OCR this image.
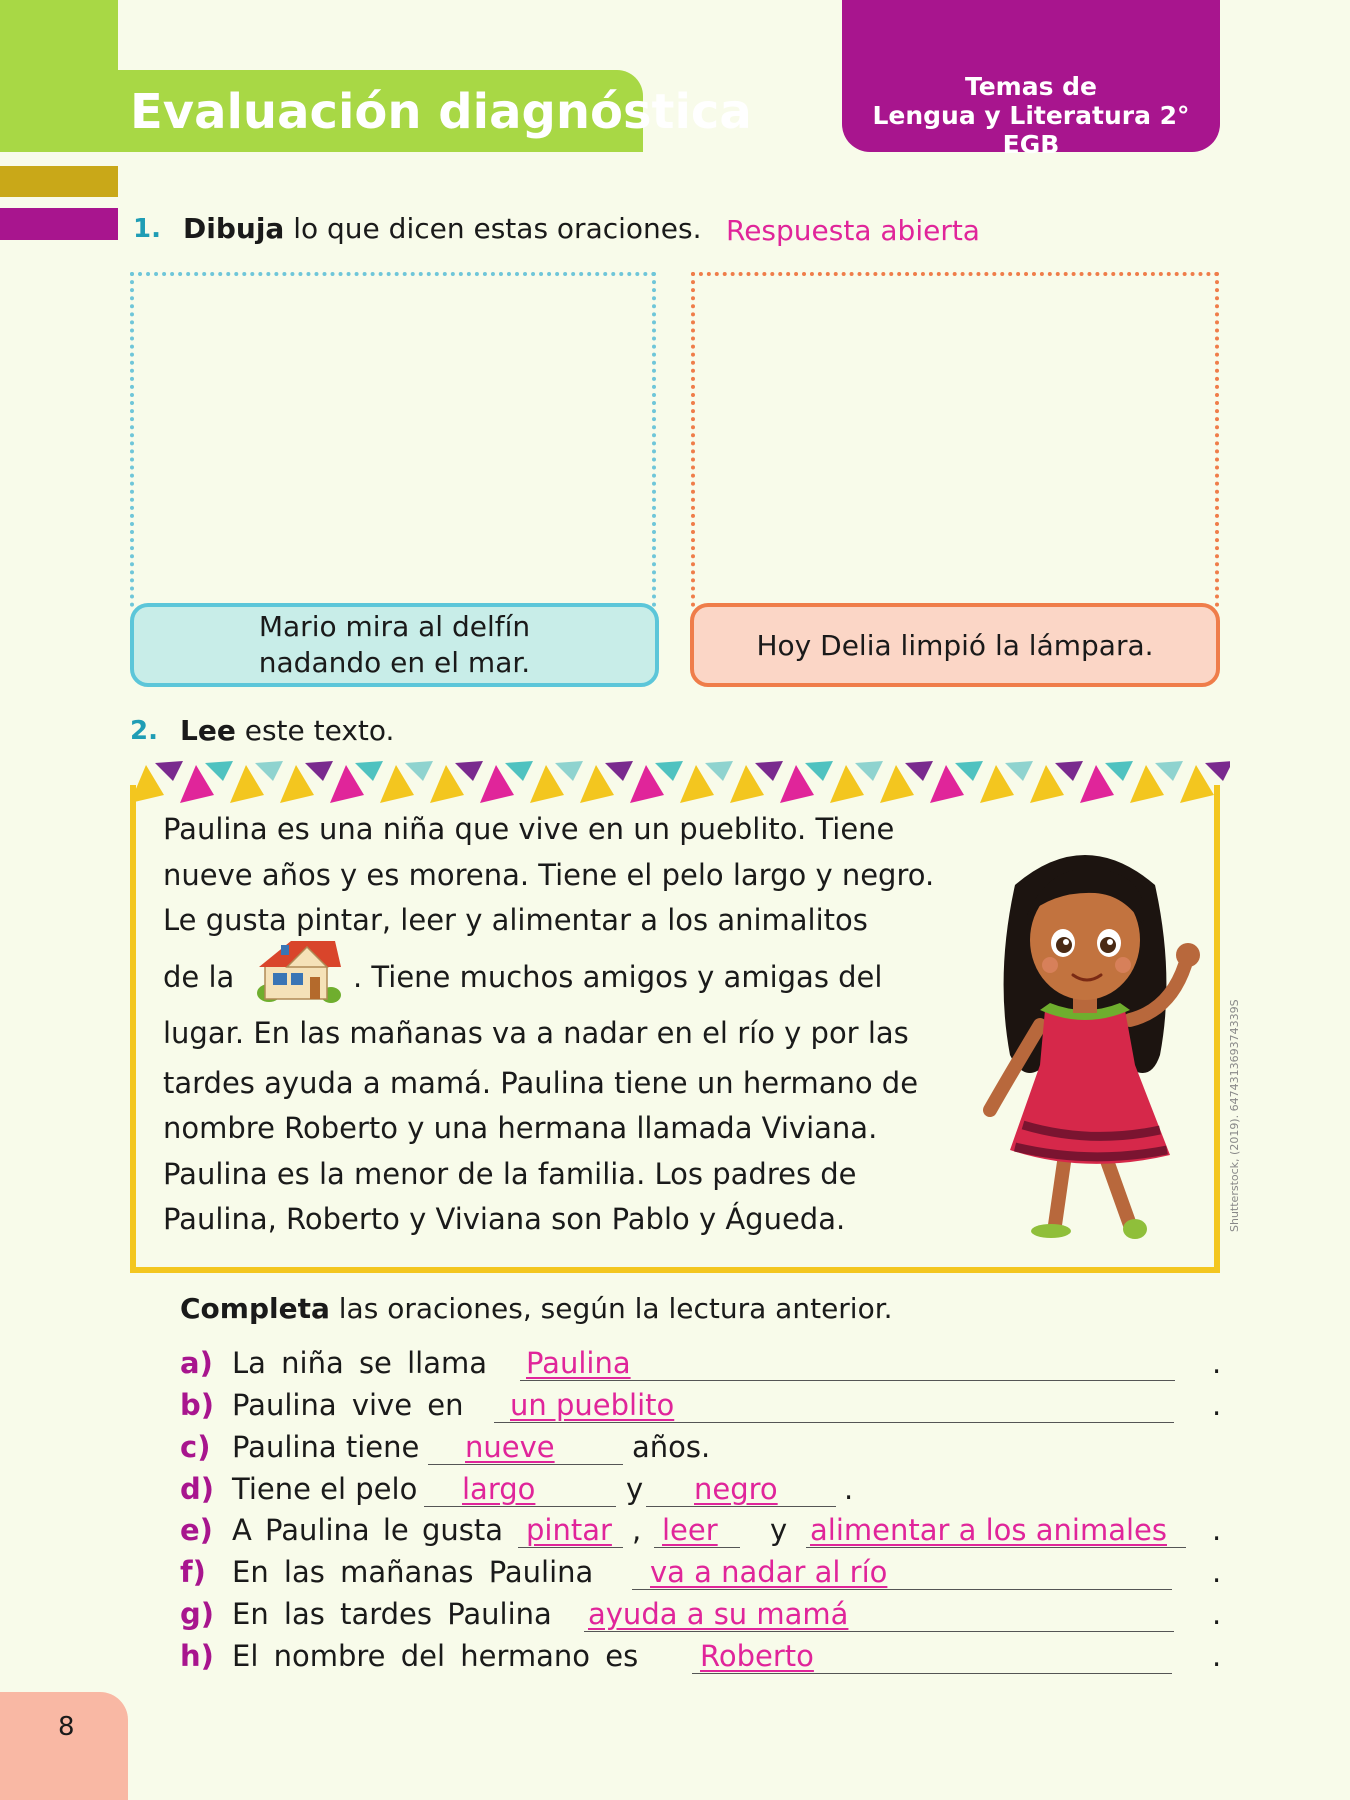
Evaluación diagnóstica	Temas de
Lengua y Literatura 2° EGB
1. Dibuja lo que dicen estas oraciones. Respuesta abierta
Mario mira al delfín
nadando en el mar.
Hoy Delia limpió la lámpara.
2. Lee este texto.
Paulina es una niña que vive en un pueblito. Tiene
nueve años y es morena. Tiene el pelo largo y negro.
Le gusta pintar, leer y alimentar a los animalitos
de la	. Tiene muchos amigos y amigas del
lugar. En las mañanas va a nadar en el río y por las
tardes ayuda a mamá. Paulina tiene un hermano de
nombre Roberto y una hermana llamada Viviana.
Paulina es la menor de la familia. Los padres de
Paulina, Roberto y Viviana son Pablo y Águeda.	Shutterstock, (2019). 647431369374339S
Completa las oraciones, según la lectura anterior.
a) La niña se llama Paulina	.
b) Paulina vive en un pueblito	.
c) Paulina tiene nueve	años.
d) Tiene el pelo largo	y negro .
e) A Paulina le gusta pintar , leer y alimentar a los animales .
f) En las mañanas Paulina va a nadar al río	.
g) En las tardes Paulina ayuda a su mamá	.
h) El nombre del hermano es Roberto	.
8
